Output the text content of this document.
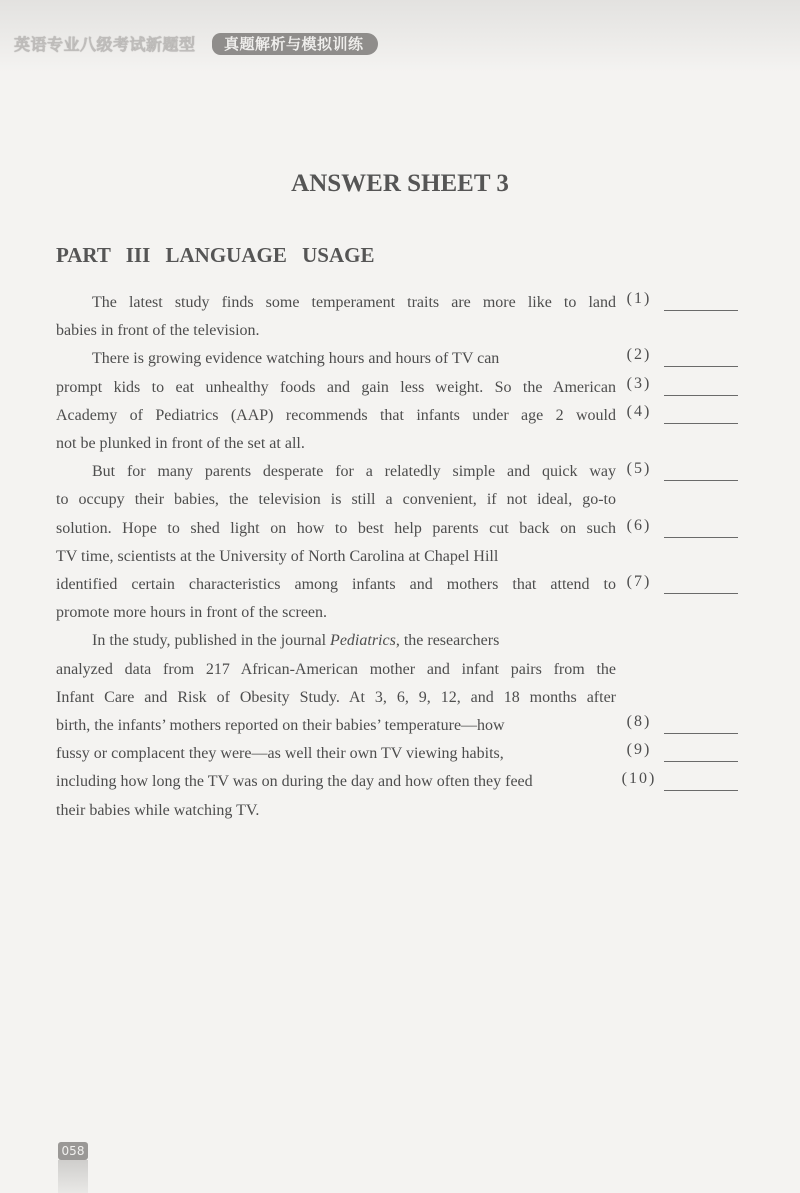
英语专业八级考试新题型	真题解析与模拟训练
ANSWER SHEET 3
PART III LANGUAGE USAGE
The latest study finds some temperament traits are more like to land
babies in front of the television.
There is growing evidence watching hours and hours of TV can
prompt kids to eat unhealthy foods and gain less weight. So the American
Academy of Pediatrics (AAP) recommends that infants under age 2 would
not be plunked in front of the set at all.
But for many parents desperate for a relatedly simple and quick way
to occupy their babies, the television is still a convenient, if not ideal, go-to
solution. Hope to shed light on how to best help parents cut back on such
TV time, scientists at the University of North Carolina at Chapel Hill
identified certain characteristics among infants and mothers that attend to
promote more hours in front of the screen.
In the study, published in the journal Pediatrics, the researchers
analyzed data from 217 African-American mother and infant pairs from the
Infant Care and Risk of Obesity Study. At 3, 6, 9, 12, and 18 months after
birth, the infants’ mothers reported on their babies’ temperature—how
fussy or complacent they were—as well their own TV viewing habits,
including how long the TV was on during the day and how often they feed
their babies while watching TV.
(1)
(2)
(3)
(4)
(5)
(6)
(7)
(8)
(9)
(10)
058
